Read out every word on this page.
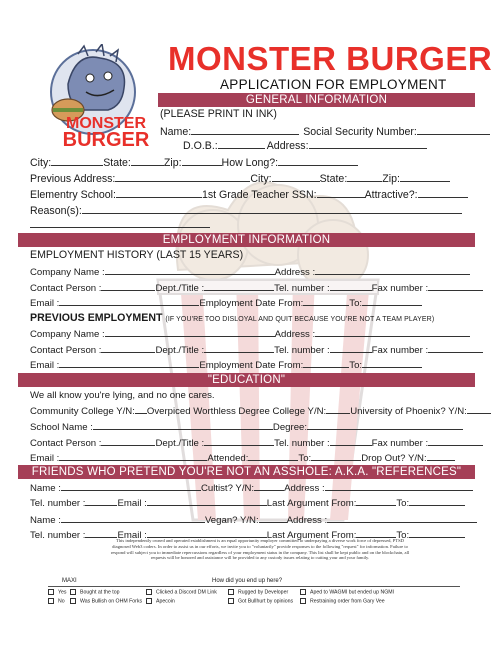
MONSTER
BURGER
MONSTER BURGER
APPLICATION FOR EMPLOYMENT
GENERAL INFORMATION
(PLEASE PRINT IN INK)
Name:	Social Security Number:
D.O.B.:	Address:
City:	State:	Zip:	How Long?:
Previous Address:	City:	State:	Zip:
Elementry School:	1st Grade Teacher SSN:	Attractive?:
Reason(s):
EMPLOYMENT INFORMATION
EMPLOYMENT HISTORY (LAST 15 YEARS)
Company Name :	Address :
Contact Person :	Dept./Title :	Tel. number :	Fax number :
Email :	Employment Date From:	To:
PREVIOUS EMPLOYMENT (IF YOU'RE TOO DISLOYAL AND QUIT BECAUSE YOU'RE NOT A TEAM PLAYER)
Company Name :	Address :
Contact Person :	Dept./Title :	Tel. number :	Fax number :
Email :	Employment Date From:	To:
"EDUCATION"
We all know you're lying, and no one cares.
Community College Y/N: Overpiced Worthless Degree College Y/N:	University of Phoenix? Y/N:
School Name :	Degree:
Contact Person :	Dept./Title :	Tel. number :	Fax number :
Email :	Attended:	To:	Drop Out? Y/N:
FRIENDS WHO PRETEND YOU'RE NOT AN ASSHOLE: A.K.A. "REFERENCES"
Name :	Cultist? Y/N:	Address :
Tel. number :	Email :	Last Argument From:	To:
Name :	Vegan? Y/N:	Address :
Tel. number :	Email :	Last Argument From:	To:
This independently owned and operated establishment is an equal opportunity employer committed to underpaying a diverse work force of depressed, PTSD diagnosed Web3 coders. In order to assist us in our efforts, we invite you to "voluntarily" provide responses to the following "request" for information. Failure to respond will subject you to immediate repercussions regardless of your employment status in the company. This list shall be kept public and on the blockchain, all requests will be honored and assistance will be provided to any custody issues relating to cutting your and your family.
MAXI	How did you end up here?
Yes
No
Bought at the top
Was Bullish on OHM Forks
Clicked a Discord DM Link
Apecoin
Rugged by Developer
Got Bullhurt by opinions
Aped to WAGMI but ended up NGMI
Restraining order from Gary Vee
